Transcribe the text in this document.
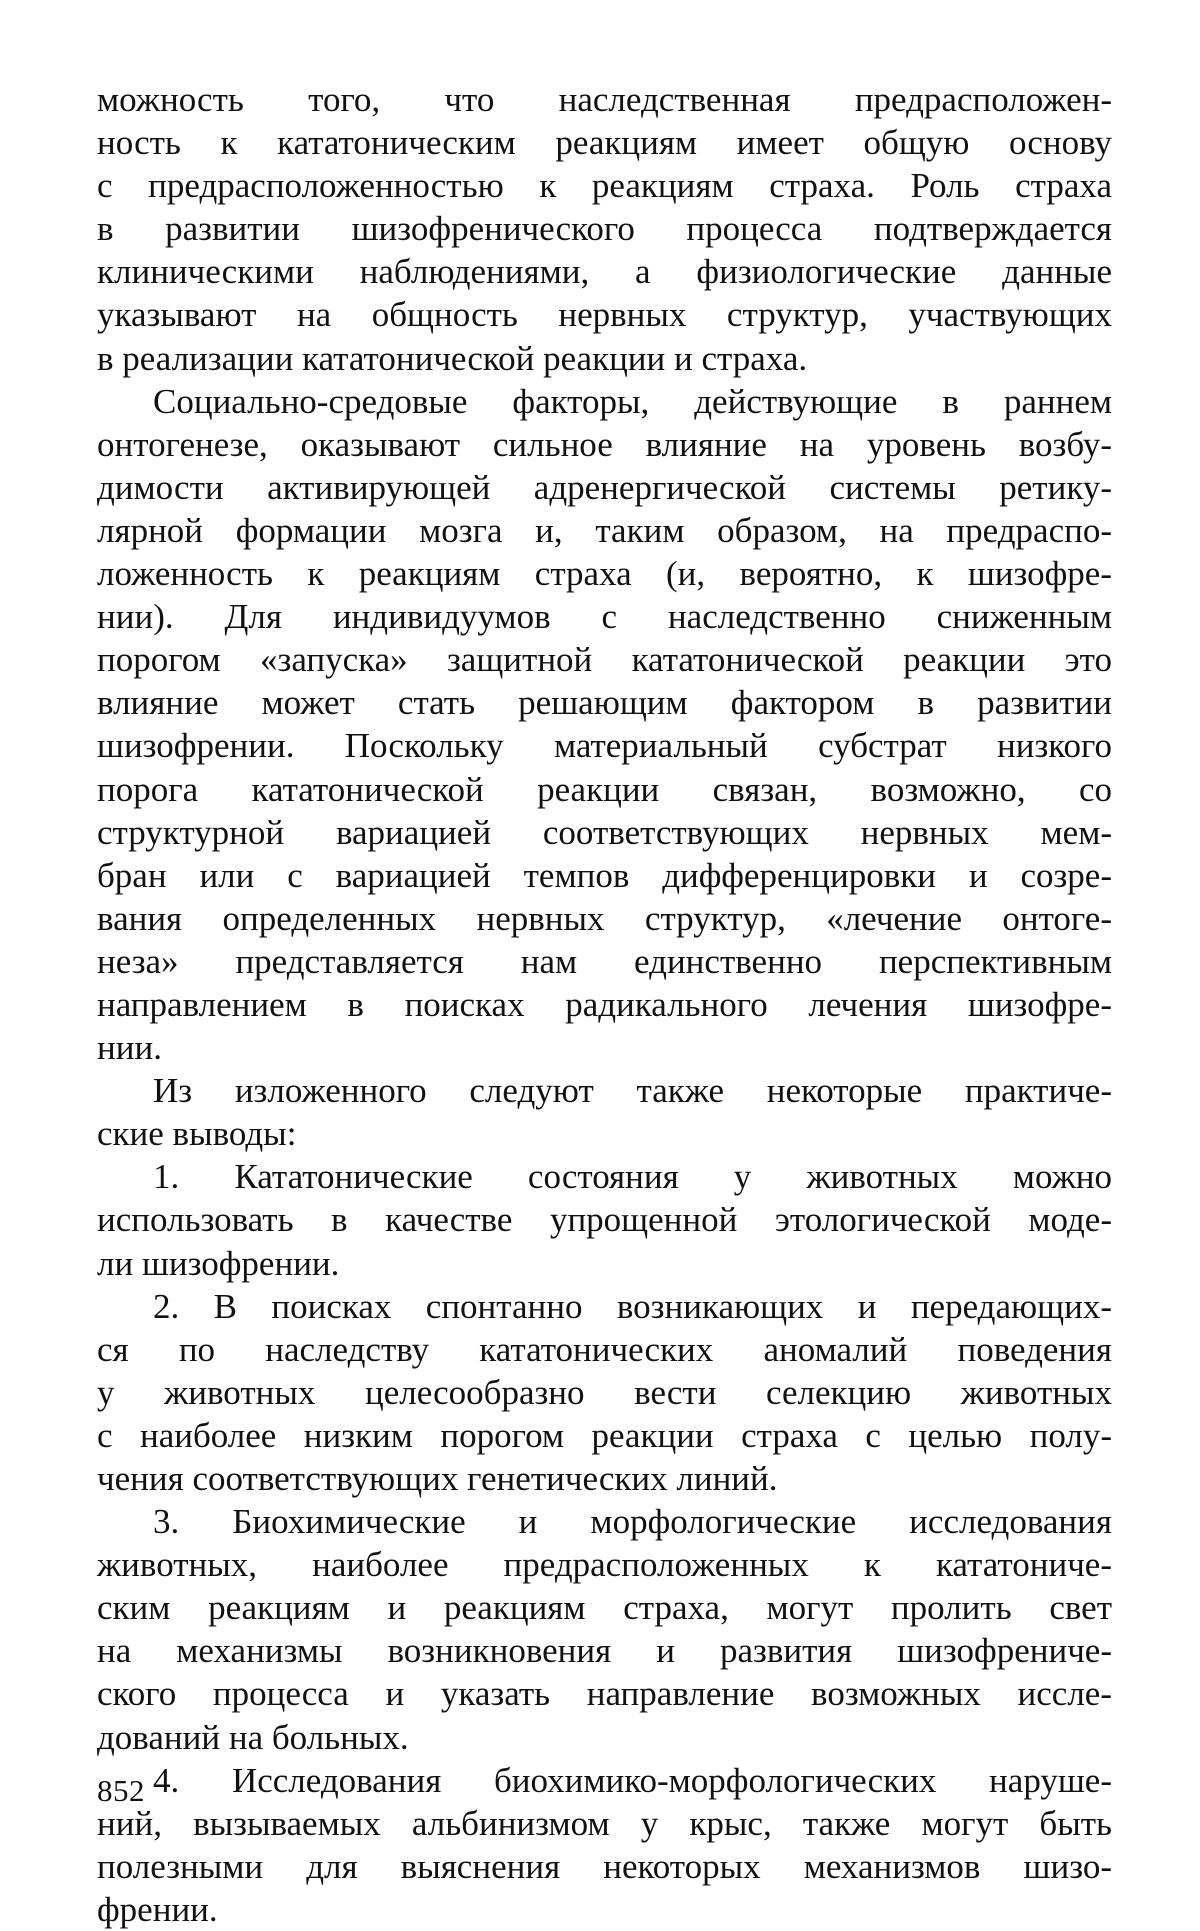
можность того, что наследственная предрасположен-
ность к кататоническим реакциям имеет общую основу
с предрасположенностью к реакциям страха. Роль страха
в развитии шизофренического процесса подтверждается
клиническими наблюдениями, а физиологические данные
указывают на общность нервных структур, участвующих
в реализации кататонической реакции и страха.
Социально-средовые факторы, действующие в раннем
онтогенезе, оказывают сильное влияние на уровень возбу-
димости активирующей адренергической системы ретику-
лярной формации мозга и, таким образом, на предраспо-
ложенность к реакциям страха (и, вероятно, к шизофре-
нии). Для индивидуумов с наследственно сниженным
порогом «запуска» защитной кататонической реакции это
влияние может стать решающим фактором в развитии
шизофрении. Поскольку материальный субстрат низкого
порога кататонической реакции связан, возможно, со
структурной вариацией соответствующих нервных мем-
бран или с вариацией темпов дифференцировки и созре-
вания определенных нервных структур, «лечение онтоге-
неза» представляется нам единственно перспективным
направлением в поисках радикального лечения шизофре-
нии.
Из изложенного следуют также некоторые практиче-
ские выводы:
1. Кататонические состояния у животных можно
использовать в качестве упрощенной этологической моде-
ли шизофрении.
2. В поисках спонтанно возникающих и передающих-
ся по наследству кататонических аномалий поведения
у животных целесообразно вести селекцию животных
с наиболее низким порогом реакции страха с целью полу-
чения соответствующих генетических линий.
3. Биохимические и морфологические исследования
животных, наиболее предрасположенных к кататониче-
ским реакциям и реакциям страха, могут пролить свет
на механизмы возникновения и развития шизофрениче-
ского процесса и указать направление возможных иссле-
дований на больных.
4. Исследования биохимико-морфологических наруше-
ний, вызываемых альбинизмом у крыс, также могут быть
полезными для выяснения некоторых механизмов шизо-
френии.
852
